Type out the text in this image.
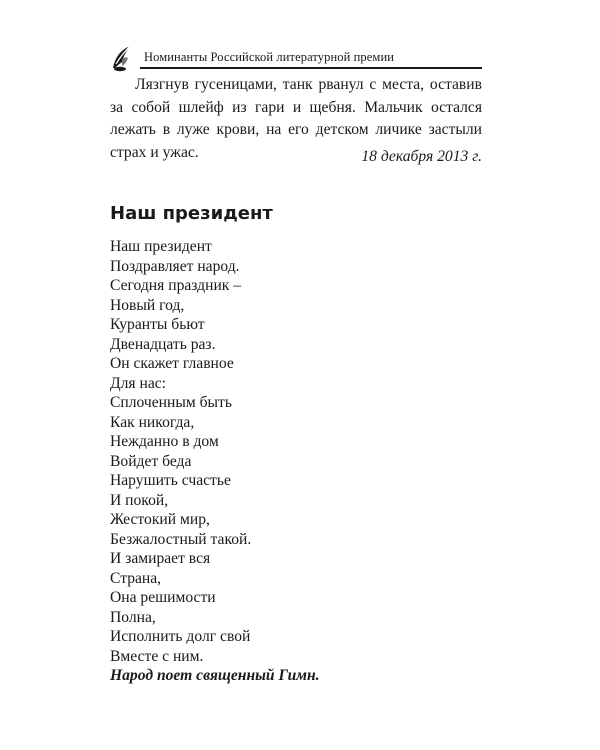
Номинанты Российской литературной премии

Лязгнув гусеницами, танк рванул с места, оставив за собой шлейф из гари и щебня. Мальчик остался лежать в луже крови, на его детском личике застыли страх и ужас.	18 декабря 2013 г.

Наш президент
Наш президент
Поздравляет народ.
Сегодня праздник –
Новый год,
Куранты бьют
Двенадцать раз.
Он скажет главное
Для нас:
Сплоченным быть
Как никогда,
Нежданно в дом
Войдет беда
Нарушить счастье
И покой,
Жестокий мир,
Безжалостный такой.
И замирает вся
Страна,
Она решимости
Полна,
Исполнить долг свой
Вместе с ним.
Народ поет священный Гимн.
